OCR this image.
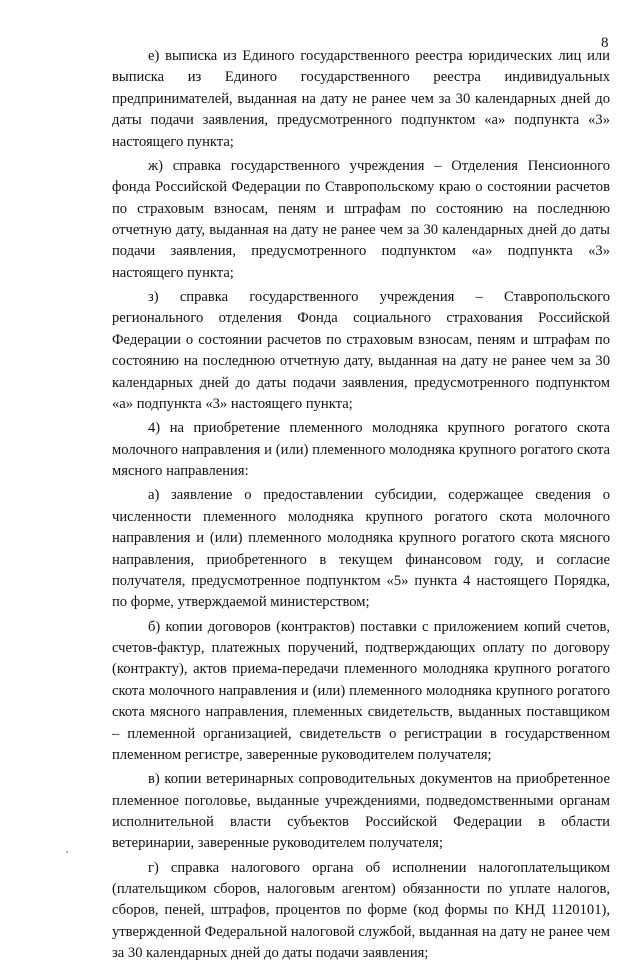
8

е) выписка из Единого государственного реестра юридических лиц или выписка из Единого государственного реестра индивидуальных предпринимателей, выданная на дату не ранее чем за 30 календарных дней до даты подачи заявления, предусмотренного подпунктом «а» подпункта «3» настоящего пункта;

ж) справка государственного учреждения – Отделения Пенсионного фонда Российской Федерации по Ставропольскому краю о состоянии расчетов по страховым взносам, пеням и штрафам по состоянию на последнюю отчетную дату, выданная на дату не ранее чем за 30 календарных дней до даты подачи заявления, предусмотренного подпунктом «а» подпункта «3» настоящего пункта;

з) справка государственного учреждения – Ставропольского регионального отделения Фонда социального страхования Российской Федерации о состоянии расчетов по страховым взносам, пеням и штрафам по состоянию на последнюю отчетную дату, выданная на дату не ранее чем за 30 календарных дней до даты подачи заявления, предусмотренного подпунктом «а» подпункта «3» настоящего пункта;

4) на приобретение племенного молодняка крупного рогатого скота молочного направления и (или) племенного молодняка крупного рогатого скота мясного направления:

а) заявление о предоставлении субсидии, содержащее сведения о численности племенного молодняка крупного рогатого скота молочного направления и (или) племенного молодняка крупного рогатого скота мясного направления, приобретенного в текущем финансовом году, и согласие получателя, предусмотренное подпунктом «5» пункта 4 настоящего Порядка, по форме, утверждаемой министерством;

б) копии договоров (контрактов) поставки с приложением копий счетов, счетов-фактур, платежных поручений, подтверждающих оплату по договору (контракту), актов приема-передачи племенного молодняка крупного рогатого скота молочного направления и (или) племенного молодняка крупного рогатого скота мясного направления, племенных свидетельств, выданных поставщиком – племенной организацией, свидетельств о регистрации в государственном племенном регистре, заверенные руководителем получателя;

в) копии ветеринарных сопроводительных документов на приобретенное племенное поголовье, выданные учреждениями, подведомственными органам исполнительной власти субъектов Российской Федерации в области ветеринарии, заверенные руководителем получателя;

г) справка налогового органа об исполнении налогоплательщиком (плательщиком сборов, налоговым агентом) обязанности по уплате налогов, сборов, пеней, штрафов, процентов по форме (код формы по КНД 1120101), утвержденной Федеральной налоговой службой, выданная на дату не ранее чем за 30 календарных дней до даты подачи заявления;
